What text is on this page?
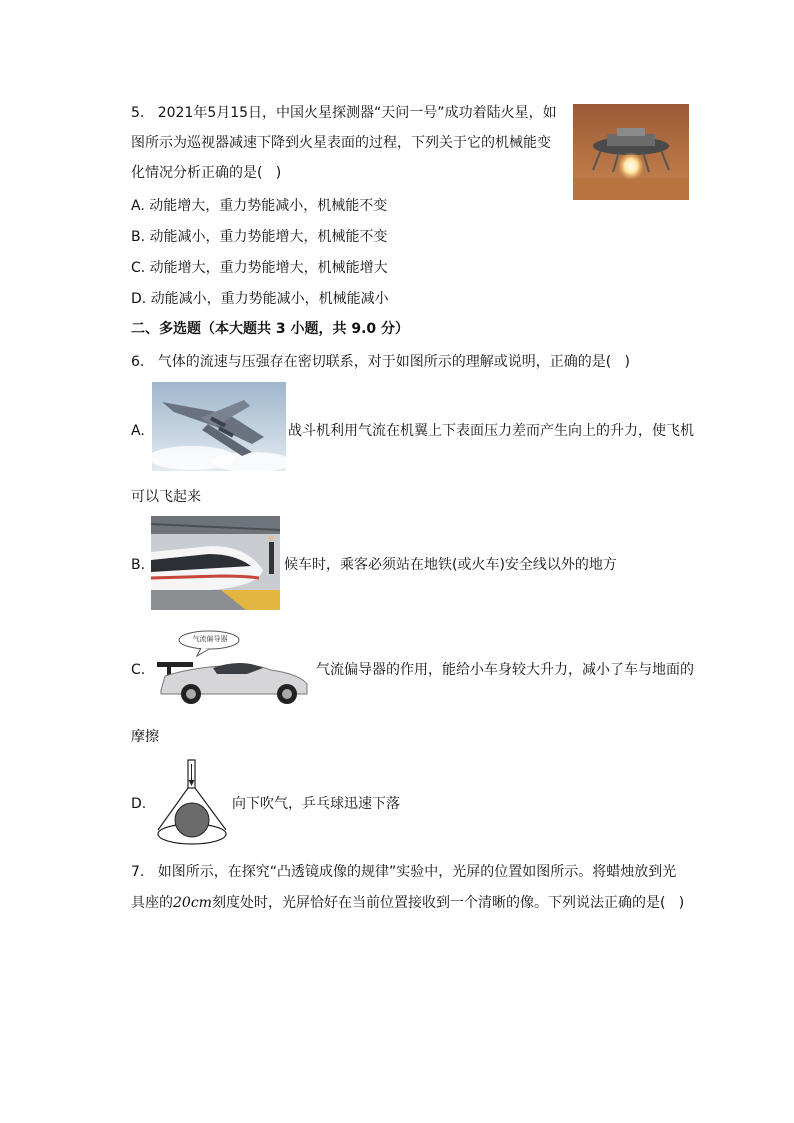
5.   2021年5月15日，中国火星探测器“天问一号”成功着陆火星，如
图所示为巡视器减速下降到火星表面的过程，下列关于它的机械能变
化情况分析正确的是(   )
A. 动能增大，重力势能减小，机械能不变
B. 动能减小，重力势能增大，机械能不变
C. 动能增大，重力势能增大，机械能增大
D. 动能减小，重力势能减小，机械能减小
二、多选题（本大题共 3 小题，共 9.0 分）
6.   气体的流速与压强存在密切联系，对于如图所示的理解或说明，正确的是(   )
A.	战斗机利用气流在机翼上下表面压力差而产生向上的升力，使飞机
可以飞起来
B.	候车时，乘客必须站在地铁(或火车)安全线以外的地方
C.
气流偏导器
气流偏导器的作用，能给小车身较大升力，减小了车与地面的
摩擦
D.	向下吹气，乒乓球迅速下落
7.   如图所示，在探究“凸透镜成像的规律”实验中，光屏的位置如图所示。将蜡烛放到光
具座的20cm刻度处时，光屏恰好在当前位置接收到一个清晰的像。下列说法正确的是(   )
